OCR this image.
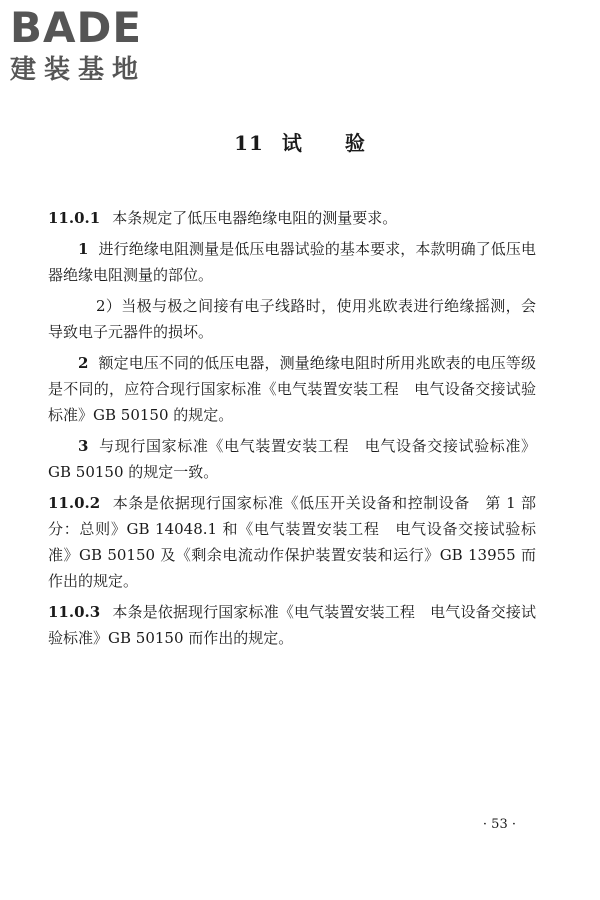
BADE
建装基地
11 试 验

11.0.1 本条规定了低压电器绝缘电阻的测量要求。

1 进行绝缘电阻测量是低压电器试验的基本要求，本款明确了低压电器绝缘电阻测量的部位。

2）当极与极之间接有电子线路时，使用兆欧表进行绝缘摇测，会导致电子元器件的损坏。

2 额定电压不同的低压电器，测量绝缘电阻时所用兆欧表的电压等级是不同的，应符合现行国家标准《电气装置安装工程　电气设备交接试验标准》GB 50150 的规定。

3 与现行国家标准《电气装置安装工程　电气设备交接试验标准》GB 50150 的规定一致。

11.0.2 本条是依据现行国家标准《低压开关设备和控制设备　第 1 部分：总则》GB 14048.1 和《电气装置安装工程　电气设备交接试验标准》GB 50150 及《剩余电流动作保护装置安装和运行》GB 13955 而作出的规定。

11.0.3 本条是依据现行国家标准《电气装置安装工程　电气设备交接试验标准》GB 50150 而作出的规定。

· 53 ·
